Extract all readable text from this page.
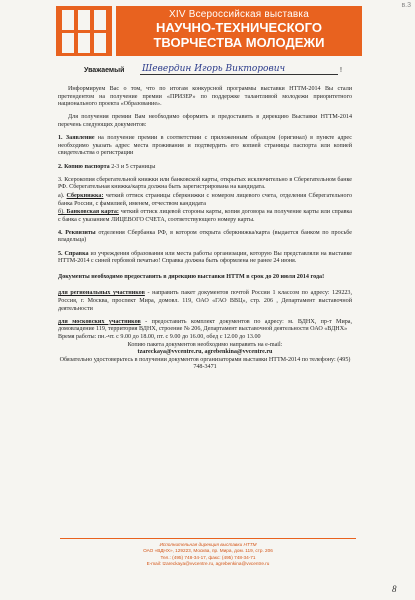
XIV Всероссийская выставка
НАУЧНО-ТЕХНИЧЕСКОГО
ТВОРЧЕСТВА МОЛОДЕЖИ
в.3
Уважаемый Шевердин Игорь Викторович	!

Информируем Вас о том, что по итогам конкурсной программы выставки НТТМ-2014 Вы стали претендентом на получение премии «ПРИЗЕР» по поддержке талантливой молодежи приоритетного национального проекта «Образование».

Для получения премии Вам необходимо оформить и предоставить в дирекцию Выставки НТТМ-2014 перечень следующих документов:

1. Заявление на получение премии в соответствии с приложенным образцом (оригинал) в пункте адрес необходимо указать адрес места проживания и подтвердить его копией страницы паспорта или копией свидетельства о регистрации

2. Копию паспорта 2-3 и 5 страницы

3. Ксерокопия сберегательной книжки или банковской карты, открытых исключительно в Сберегательном банке РФ. Сберегательная книжка/карта должна быть зарегистрирована на кандидата.

а). Сберкнижка: четкий оттиск страницы сберкнижки с номером лицевого счета, отделения Сберегательного банка России, с фамилией, именем, отчеством кандидата

б). Банковская карта: четкий оттиск лицевой стороны карты, копия договора на получение карты или справка с банка с указанием ЛИЦЕВОГО СЧЕТА, соответствующего номеру карты.

4. Реквизиты отделения Сбербанка РФ, в котором открыта сберкнижка/карта (выдается банком по просьбе владельца)

5. Справка из учреждения образования или места работы организации, которую Вы представляли на выставке НТТМ-2014 с синей гербовой печатью! Справка должна быть оформлена не ранее 24 июня.

Документы необходимо предоставить в дирекцию выставки НТТМ в срок до 20 июля 2014 года!

для региональных участников - направить пакет документов почтой России 1 классом по адресу: 129223, Россия, г. Москва, проспект Мира, домовл. 119, ОАО «ГАО ВВЦ», стр. 206 , Департамент выставочной деятельности

для московских участников - предоставить комплект документов по адресу: м. ВДНХ, пр-т Мира, домовладение 119, территория ВДНХ, строение № 206, Департамент выставочной деятельности ОАО «ВДНХ»

Время работы: пн.-чт. с 9.00 до 18.00, пт. с 9.00 до 16.00, обед с 12.00 до 13.00

Копию пакета документов необходимо направить на e-mail:

tzarеckaya@vvcentre.ru, agrebenkina@vvcentre.ru

Обязательно удостоверьтесь в получении документов организаторами выставки НТТМ-2014 по телефону: (495) 748-3471

Исполнительная дирекция выставки НТТМ
ОАО «ВДНХ», 129223, Москва, пр. Мира, дом. 119, стр. 206
Тел.: (495) 748-34-17, факс: (495) 748-34-71
E-mail: tzareckaya@vvcentre.ru, agrebenkina@vvcentre.ru
8
